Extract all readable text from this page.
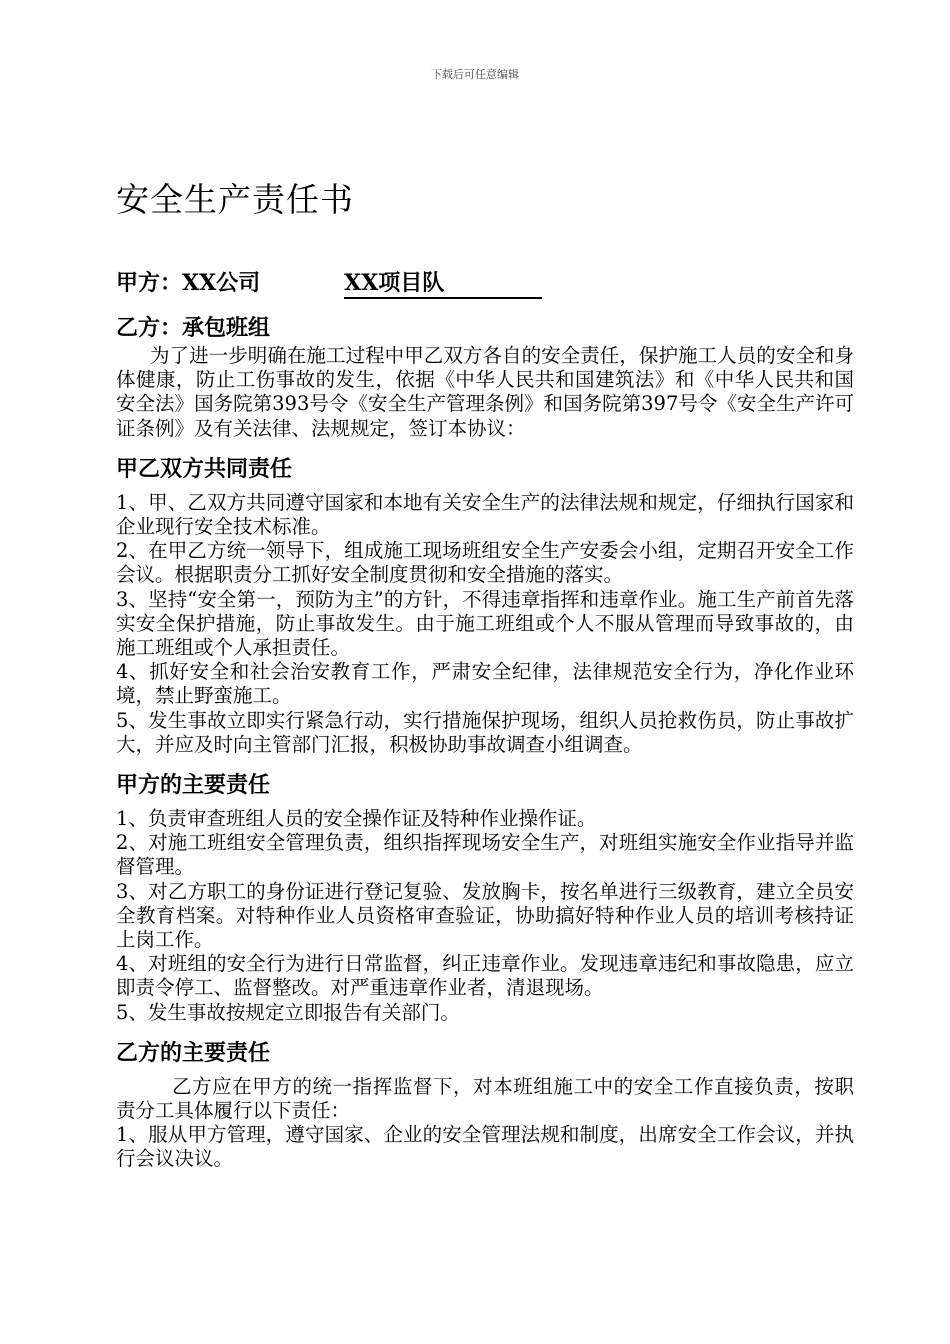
下载后可任意编辑
安全生产责任书
甲方：XX公司	XX项目队
乙方：承包班组

为了进一步明确在施工过程中甲乙双方各自的安全责任，保护施工人员的安全和身体健康，防止工伤事故的发生，依据《中华人民共和国建筑法》和《中华人民共和国安全法》国务院第393号令《安全生产管理条例》和国务院第397号令《安全生产许可证条例》及有关法律、法规规定，签订本协议：

甲乙双方共同责任

1、甲、乙双方共同遵守国家和本地有关安全生产的法律法规和规定，仔细执行国家和企业现行安全技术标准。

2、在甲乙方统一领导下，组成施工现场班组安全生产安委会小组，定期召开安全工作会议。根据职责分工抓好安全制度贯彻和安全措施的落实。

3、坚持“安全第一，预防为主”的方针，不得违章指挥和违章作业。施工生产前首先落实安全保护措施，防止事故发生。由于施工班组或个人不服从管理而导致事故的，由施工班组或个人承担责任。

4、抓好安全和社会治安教育工作，严肃安全纪律，法律规范安全行为，净化作业环境，禁止野蛮施工。

5、发生事故立即实行紧急行动，实行措施保护现场，组织人员抢救伤员，防止事故扩大，并应及时向主管部门汇报，积极协助事故调查小组调查。

甲方的主要责任

1、负责审查班组人员的安全操作证及特种作业操作证。

2、对施工班组安全管理负责，组织指挥现场安全生产，对班组实施安全作业指导并监督管理。

3、对乙方职工的身份证进行登记复验、发放胸卡，按名单进行三级教育，建立全员安全教育档案。对特种作业人员资格审查验证，协助搞好特种作业人员的培训考核持证上岗工作。

4、对班组的安全行为进行日常监督，纠正违章作业。发现违章违纪和事故隐患，应立即责令停工、监督整改。对严重违章作业者，清退现场。

5、发生事故按规定立即报告有关部门。

乙方的主要责任

乙方应在甲方的统一指挥监督下，对本班组施工中的安全工作直接负责，按职责分工具体履行以下责任：

1、服从甲方管理，遵守国家、企业的安全管理法规和制度，出席安全工作会议，并执行会议决议。
